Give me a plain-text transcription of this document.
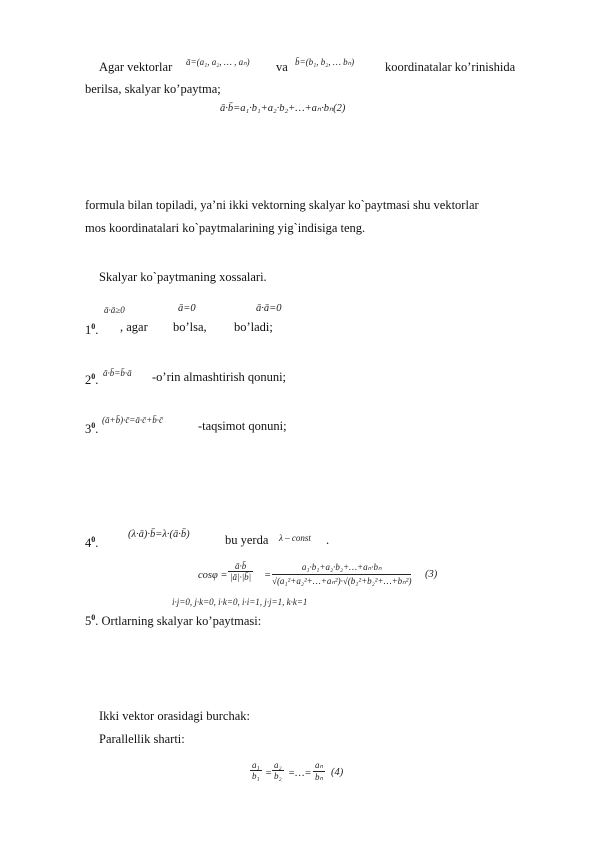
Agar vektorlar ā=(a₁, a₂, … , aₙ) va b̄=(b₁, b₂, … bₙ) koordinatalar ko’rinishida
berilsa, skalyar ko’paytma;
ā·b̄=a₁·b₁+a₂·b₂+…+aₙ·bₙ(2)
formula bilan topiladi, ya’ni ikki vektorning skalyar ko`paytmasi shu vektorlar
mos koordinatalari ko`paytmalarining yig`indisiga teng.
Skalyar ko`paytmaning xossalari.
ā·ā≥0	ā=0	ā·ā=0
$1^0$. , agar bo’lsa, bo’ladi;
$2^0$. ā·b̄=b̄·ā -o’rin almashtirish qonuni;
$3^0$.
(ā+b̄)·c̄=ā·c̄+b̄·c̄	-taqsimot qonuni;
$4^0$.
(λ·ā)·b̄=λ·(ā·b̄)	bu yerda λ – const .
$\cos\varphi = \frac{ā\cdot b̄}{|ā|\cdot|b̄|} = \frac{\text{a₁·b₁+a₂·b₂+…+aₙ·bₙ}}{\text{√(a₁²+a₂²+…+aₙ²)·√(b₁²+b₂²+…+bₙ²)}} (3)$
i·j=0, j·k=0, i·k=0, i·i=1, j·j=1, k·k=1
$5^0$. Ortlarning skalyar ko’paytmasi:
Ikki vektor orasidagi burchak:
Parallellik sharti:
$\frac{\text{a₁}}{\text{b₁}} = \frac{\text{a₂}}{\text{b₂}}$ =…= $\frac{\text{aₙ}}{\text{bₙ}} (4)$
